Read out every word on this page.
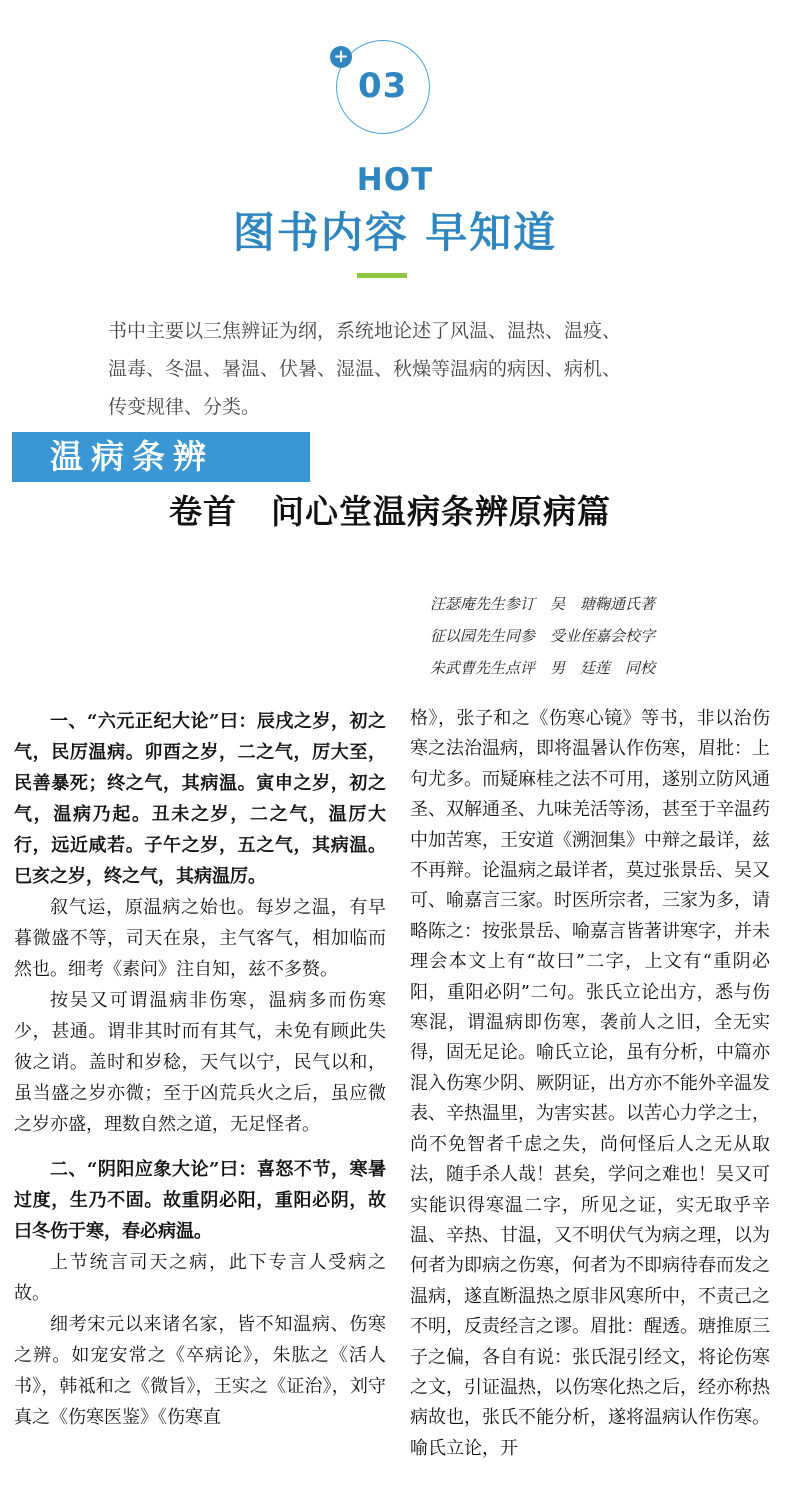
+
03
HOT
图书内容 早知道

书中主要以三焦辨证为纲，系统地论述了风温、温热、温疫、

温毒、冬温、暑温、伏暑、湿温、秋燥等温病的病因、病机、

传变规律、分类。

温病条辨
卷首　问心堂温病条辨原病篇

汪瑟庵先生参订　吴　瑭鞠通氏著

征以园先生同参　受业侄嘉会校字

朱武曹先生点评　男　廷莲　同校

一、“六元正纪大论”曰：辰戌之岁，初之气，民厉温病。卯酉之岁，二之气，厉大至，民善暴死；终之气，其病温。寅申之岁，初之气，温病乃起。丑未之岁，二之气，温厉大行，远近咸若。子午之岁，五之气，其病温。巳亥之岁，终之气，其病温厉。

叙气运，原温病之始也。每岁之温，有早暮微盛不等，司天在泉，主气客气，相加临而然也。细考《素问》注自知，兹不多赘。

按吴又可谓温病非伤寒，温病多而伤寒少，甚通。谓非其时而有其气，未免有顾此失彼之诮。盖时和岁稔，天气以宁，民气以和，虽当盛之岁亦微；至于凶荒兵火之后，虽应微之岁亦盛，理数自然之道，无足怪者。

二、“阴阳应象大论”曰：喜怒不节，寒暑过度，生乃不固。故重阴必阳，重阳必阴，故曰冬伤于寒，春必病温。

上节统言司天之病，此下专言人受病之故。

细考宋元以来诸名家，皆不知温病、伤寒之辨。如宠安常之《卒病论》，朱肱之《活人书》，韩祗和之《微旨》，王实之《证治》，刘守真之《伤寒医鉴》《伤寒直

格》，张子和之《伤寒心镜》等书，非以治伤寒之法治温病，即将温暑认作伤寒，眉批：上句尤多。而疑麻桂之法不可用，遂别立防风通圣、双解通圣、九味羌活等汤，甚至于辛温药中加苦寒，王安道《溯洄集》中辩之最详，兹不再辩。论温病之最详者，莫过张景岳、吴又可、喻嘉言三家。时医所宗者，三家为多，请略陈之：按张景岳、喻嘉言皆著讲寒字，并未理会本文上有“故曰”二字，上文有“重阴必阳，重阳必阴”二句。张氏立论出方，悉与伤寒混，谓温病即伤寒，袭前人之旧，全无实得，固无足论。喻氏立论，虽有分析，中篇亦混入伤寒少阴、厥阴证，出方亦不能外辛温发表、辛热温里，为害实甚。以苦心力学之士，尚不免智者千虑之失，尚何怪后人之无从取法，随手杀人哉！甚矣，学问之难也！吴又可实能识得寒温二字，所见之证，实无取乎辛温、辛热、甘温，又不明伏气为病之理，以为何者为即病之伤寒，何者为不即病待春而发之温病，遂直断温热之原非风寒所中，不责己之不明，反责经言之谬。眉批：醒透。瑭推原三子之偏，各自有说：张氏混引经文，将论伤寒之文，引证温热，以伤寒化热之后，经亦称热病故也，张氏不能分析，遂将温病认作伤寒。喻氏立论，开
